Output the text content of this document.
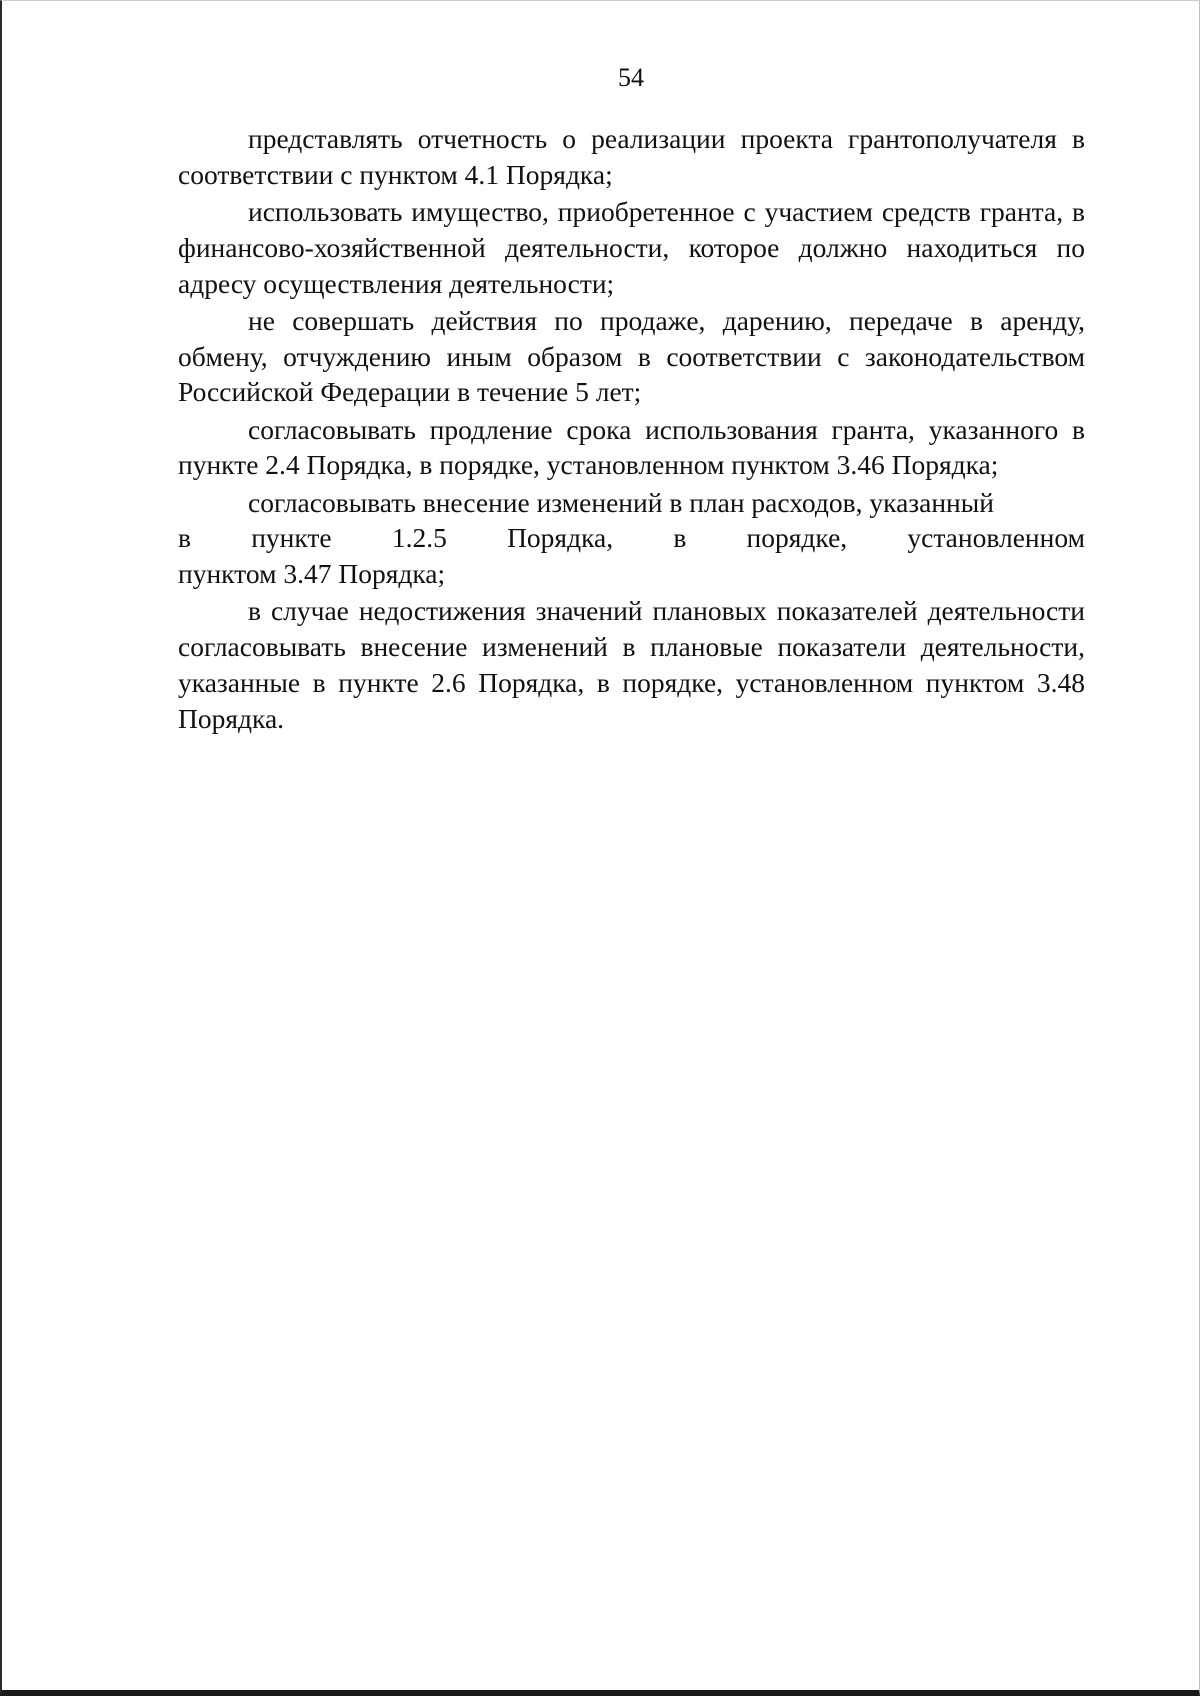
54

представлять отчетность о реализации проекта грантополучателя в соответствии с пунктом 4.1 Порядка;

использовать имущество, приобретенное с участием средств гранта, в финансово-хозяйственной деятельности, которое должно находиться по адресу осуществления деятельности;

не совершать действия по продаже, дарению, передаче в аренду, обмену, отчуждению иным образом в соответствии с законодательством Российской Федерации в течение 5 лет;

согласовывать продление срока использования гранта, указанного в пункте 2.4 Порядка, в порядке, установленном пунктом 3.46 Порядка;

согласовывать внесение изменений в план расходов, указанный

в пункте 1.2.5 Порядка, в порядке, установленном

пунктом 3.47 Порядка;

в случае недостижения значений плановых показателей деятельности согласовывать внесение изменений в плановые показатели деятельности, указанные в пункте 2.6 Порядка, в порядке, установленном пунктом 3.48 Порядка.
